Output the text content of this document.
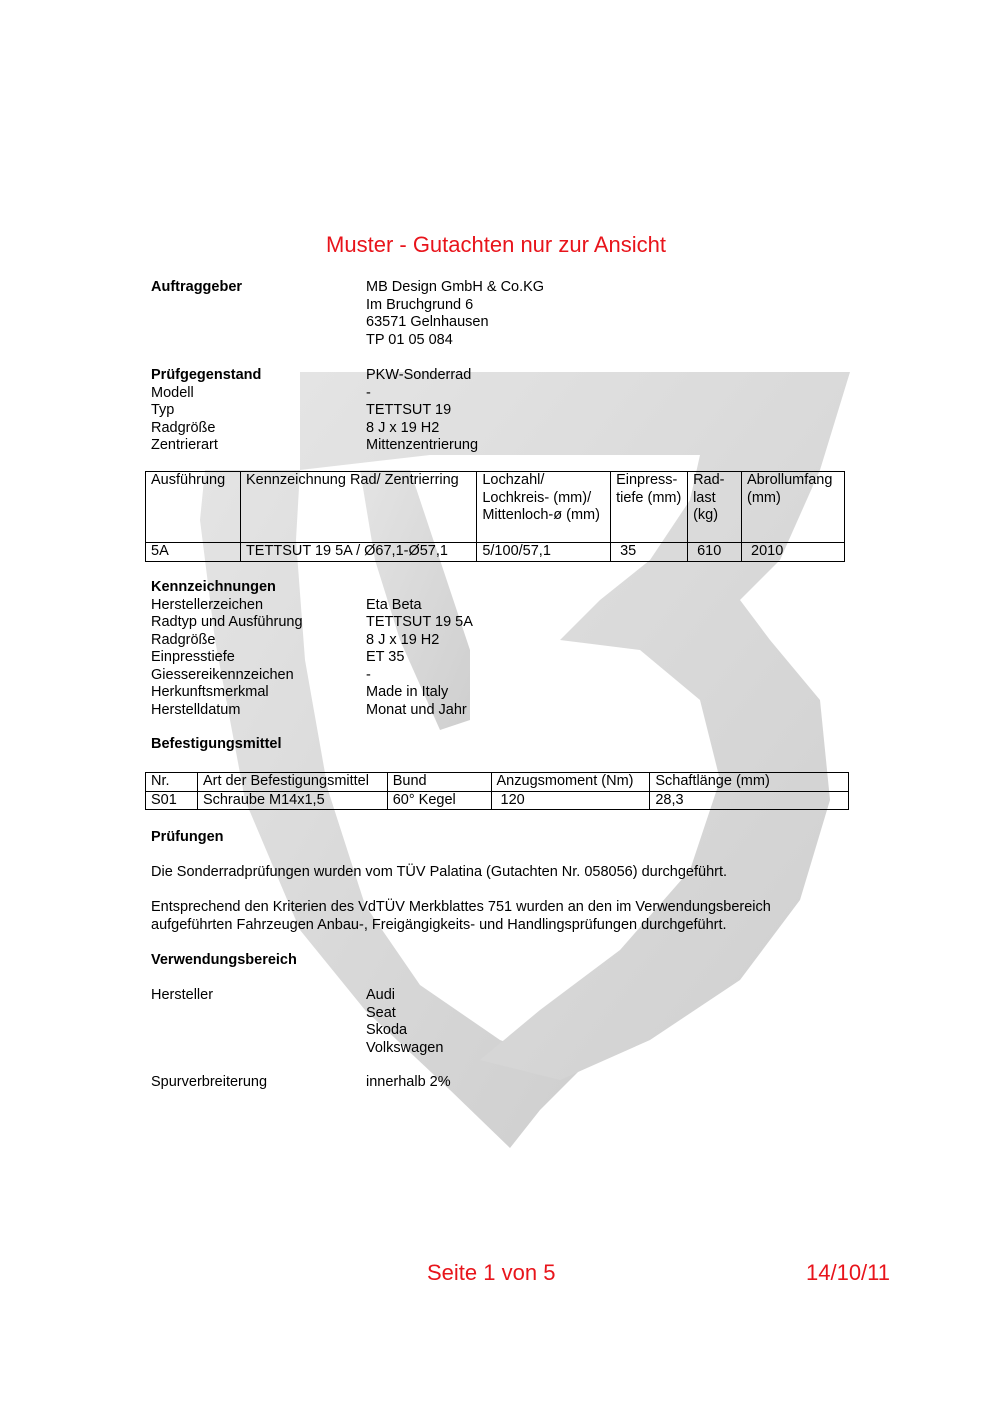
Muster - Gutachten nur zur Ansicht
Auftraggeber	MB Design GmbH & Co.KG
Im Bruchgrund 6
63571 Gelnhausen
TP 01 05 084
Prüfgegenstand	PKW-Sonderrad
Modell	-
Typ	TETTSUT 19
Radgröße	8 J x 19 H2
Zentrierart	Mittenzentrierung
Ausführung	Kennzeichnung Rad/ Zentrierring	Lochzahl/ Lochkreis- (mm)/ Mittenloch-ø (mm)	Einpress- tiefe (mm)	Rad- last (kg)	Abrollumfang (mm)
5A	TETTSUT 19 5A / Ø67,1-Ø57,1	5/100/57,1	35	610	2010
Kennzeichnungen
Herstellerzeichen	Eta Beta
Radtyp und Ausführung	TETTSUT 19 5A
Radgröße	8 J x 19 H2
Einpresstiefe	ET 35
Giessereikennzeichen	-
Herkunftsmerkmal	Made in Italy
Herstelldatum	Monat und Jahr
Befestigungsmittel
Nr.	Art der Befestigungsmittel	Bund	Anzugsmoment (Nm)	Schaftlänge (mm)
S01	Schraube M14x1,5	60° Kegel	120	28,3
Prüfungen
Die Sonderradprüfungen wurden vom TÜV Palatina (Gutachten Nr. 058056) durchgeführt.
Entsprechend den Kriterien des VdTÜV Merkblattes 751 wurden an den im Verwendungsbereich aufgeführten Fahrzeugen Anbau-, Freigängigkeits- und Handlingsprüfungen durchgeführt.
Verwendungsbereich
Hersteller	Audi
Seat
Skoda
Volkswagen
Spurverbreiterung	innerhalb 2%
Seite 1 von 5	14/10/11
